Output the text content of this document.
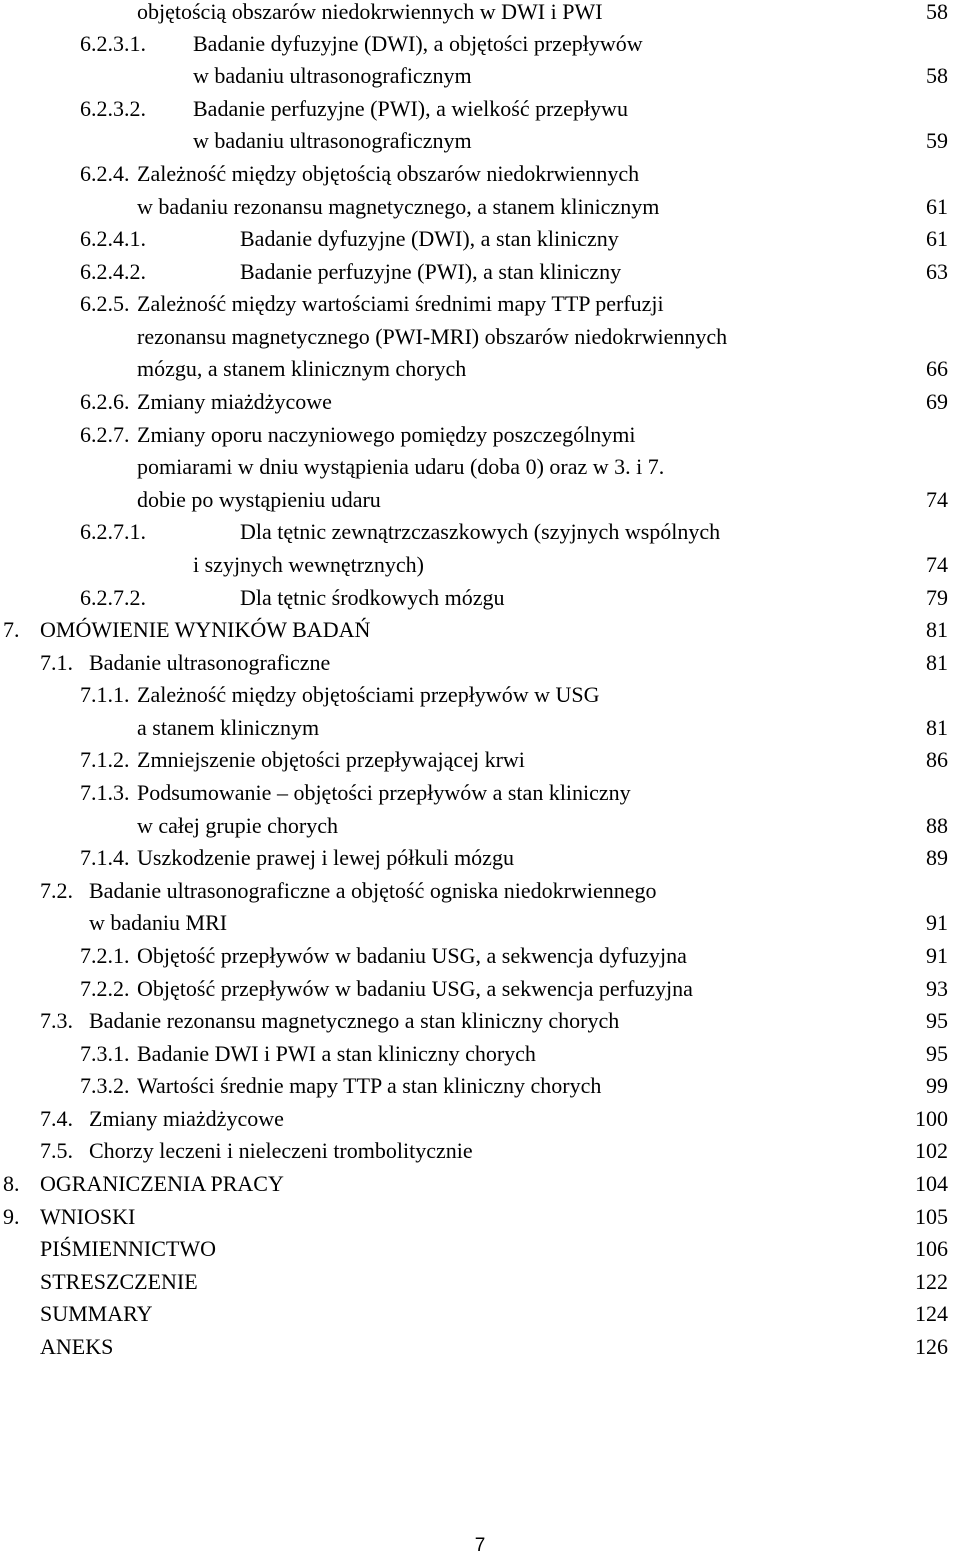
objętością obszarów niedokrwiennych w DWI i PWI	58
6.2.3.1. Badanie dyfuzyjne (DWI), a objętości przepływów
w badaniu ultrasonograficznym	58
6.2.3.2. Badanie perfuzyjne (PWI), a wielkość przepływu
w badaniu ultrasonograficznym	59
6.2.4. Zależność między objętością obszarów niedokrwiennych
w badaniu rezonansu magnetycznego, a stanem klinicznym	61
6.2.4.1.	Badanie dyfuzyjne (DWI), a stan kliniczny	61
6.2.4.2.	Badanie perfuzyjne (PWI), a stan kliniczny	63
6.2.5. Zależność między wartościami średnimi mapy TTP perfuzji
rezonansu magnetycznego (PWI-MRI) obszarów niedokrwiennych
mózgu, a stanem klinicznym chorych	66
6.2.6. Zmiany miażdżycowe	69
6.2.7. Zmiany oporu naczyniowego pomiędzy poszczególnymi
pomiarami w dniu wystąpienia udaru (doba 0) oraz w 3. i 7.
dobie po wystąpieniu udaru	74
6.2.7.1.	Dla tętnic zewnątrzczaszkowych (szyjnych wspólnych
i szyjnych wewnętrznych)	74
6.2.7.2.	Dla tętnic środkowych mózgu	79
7. OMÓWIENIE WYNIKÓW BADAŃ	81
7.1. Badanie ultrasonograficzne	81
7.1.1. Zależność między objętościami przepływów w USG
a stanem klinicznym	81
7.1.2. Zmniejszenie objętości przepływającej krwi	86
7.1.3. Podsumowanie – objętości przepływów a stan kliniczny
w całej grupie chorych	88
7.1.4. Uszkodzenie prawej i lewej półkuli mózgu	89
7.2. Badanie ultrasonograficzne a objętość ogniska niedokrwiennego
w badaniu MRI	91
7.2.1. Objętość przepływów w badaniu USG, a sekwencja dyfuzyjna	91
7.2.2. Objętość przepływów w badaniu USG, a sekwencja perfuzyjna	93
7.3. Badanie rezonansu magnetycznego a stan kliniczny chorych	95
7.3.1. Badanie DWI i PWI a stan kliniczny chorych	95
7.3.2. Wartości średnie mapy TTP a stan kliniczny chorych	99
7.4. Zmiany miażdżycowe	100
7.5. Chorzy leczeni i nieleczeni trombolitycznie	102
8. OGRANICZENIA PRACY	104
9. WNIOSKI	105
PIŚMIENNICTWO	106
STRESZCZENIE	122
SUMMARY	124
ANEKS	126
7
